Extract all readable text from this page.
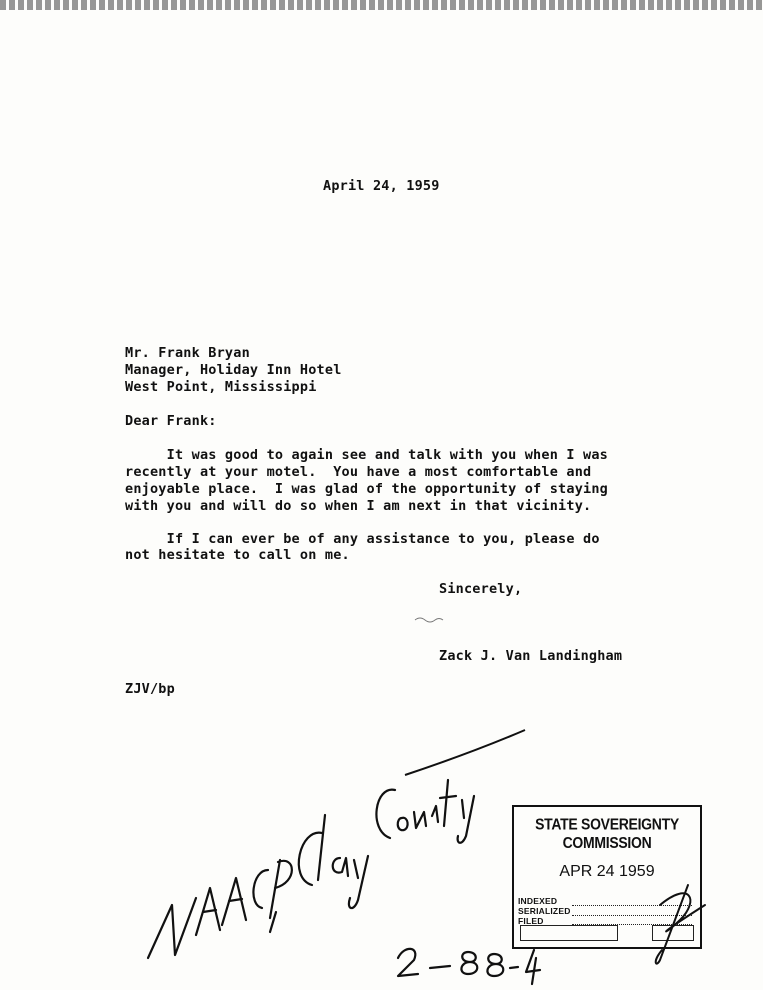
April 24, 1959
Mr. Frank Bryan
Manager, Holiday Inn Hotel
West Point, Mississippi
Dear Frank:
It was good to again see and talk with you when I was
recently at your motel.  You have a most comfortable and
enjoyable place.  I was glad of the opportunity of staying
with you and will do so when I am next in that vicinity.
If I can ever be of any assistance to you, please do
not hesitate to call on me.
Sincerely,
Zack J. Van Landingham
ZJV/bp
STATE SOVEREIGNTY COMMISSION
APR 24 1959
INDEXED
SERIALIZED
FILED
